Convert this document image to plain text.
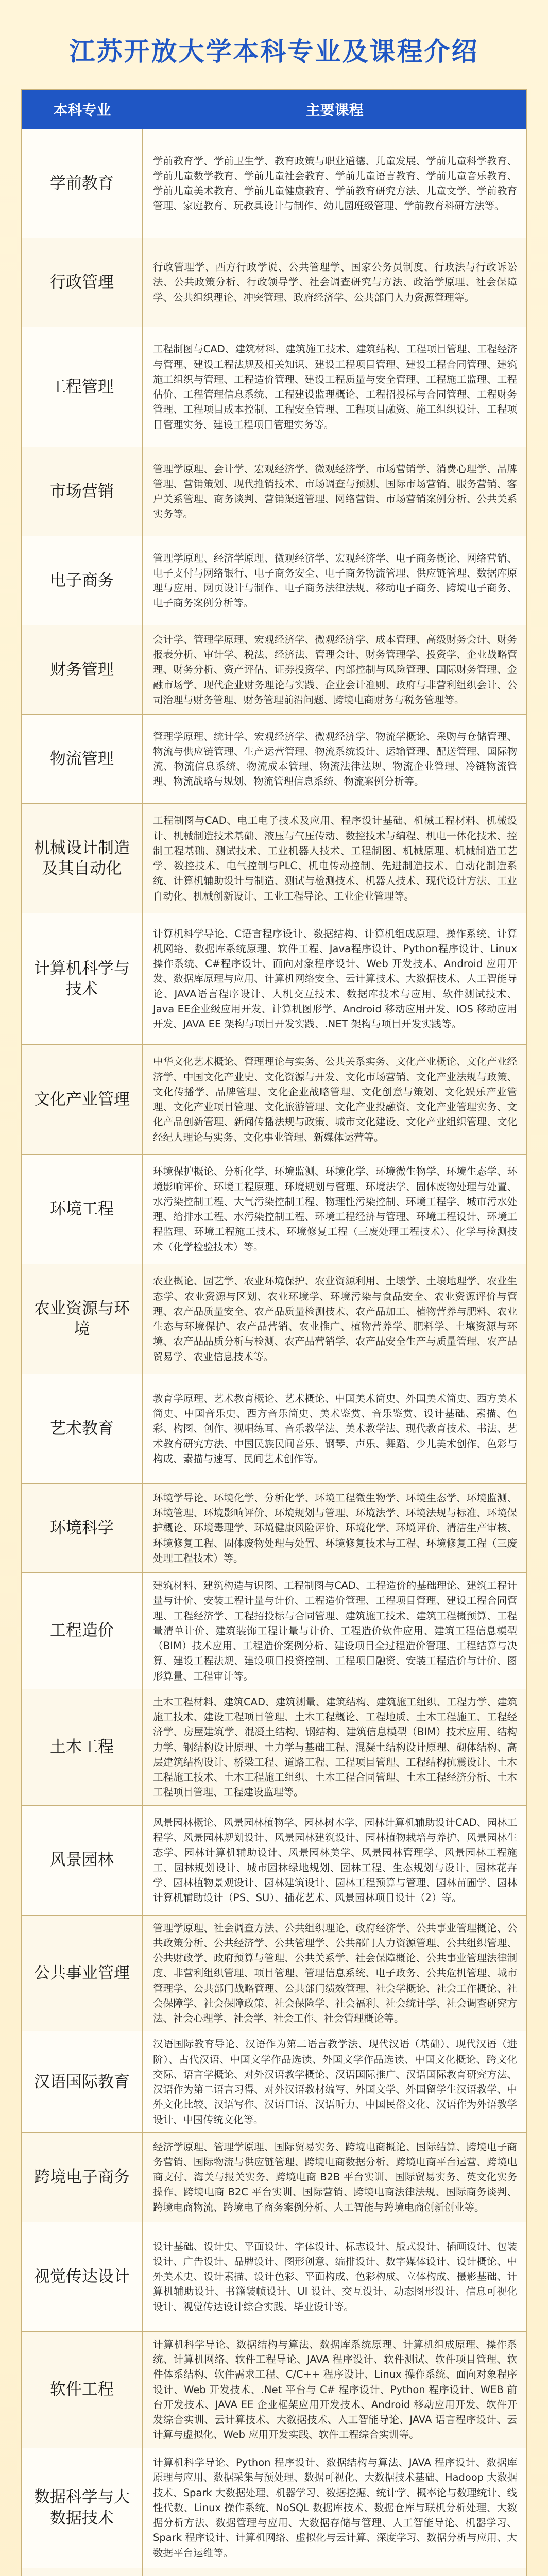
江苏开放大学本科专业及课程介绍
本科专业	主要课程
学前教育
学前教育学、学前卫生学、教育政策与职业道德、儿童发展、学前儿童科学教育、学前儿童数学教育、学前儿童社会教育、学前儿童语言教育、学前儿童音乐教育、学前儿童美术教育、学前儿童健康教育、学前教育研究方法、儿童文学、学前教育管理、家庭教育、玩教具设计与制作、幼儿园班级管理、学前教育科研方法等。
行政管理
行政管理学、西方行政学说、公共管理学、国家公务员制度、行政法与行政诉讼法、公共政策分析、行政领导学、社会调查研究与方法、政治学原理、社会保障学、公共组织理论、冲突管理、政府经济学、公共部门人力资源管理等。
工程管理
工程制图与CAD、建筑材料、建筑施工技术、建筑结构、工程项目管理、工程经济与管理、建设工程法规及相关知识、建设工程项目管理、建设工程合同管理、建筑施工组织与管理、工程造价管理、建设工程质量与安全管理、工程施工监理、工程估价、工程管理信息系统、工程建设监理概论、工程招投标与合同管理、工程财务管理、工程项目成本控制、工程安全管理、工程项目融资、施工组织设计、工程项目管理实务、建设工程项目管理实务等。
市场营销
管理学原理、会计学、宏观经济学、微观经济学、市场营销学、消费心理学、品牌管理、营销策划、现代推销技术、市场调查与预测、国际市场营销、服务营销、客户关系管理、商务谈判、营销渠道管理、网络营销、市场营销案例分析、公共关系实务等。
电子商务
管理学原理、经济学原理、微观经济学、宏观经济学、电子商务概论、网络营销、电子支付与网络银行、电子商务安全、电子商务物流管理、供应链管理、数据库原理与应用、网页设计与制作、电子商务法律法规、移动电子商务、跨境电子商务、电子商务案例分析等。
财务管理
会计学、管理学原理、宏观经济学、微观经济学、成本管理、高级财务会计、财务报表分析、审计学、税法、经济法、管理会计、财务管理学、投资学、企业战略管理、财务分析、资产评估、证券投资学、内部控制与风险管理、国际财务管理、金融市场学、现代企业财务理论与实践、企业会计准则、政府与非营利组织会计、公司治理与财务管理、财务管理前沿问题、跨境电商财务与税务管理等。
物流管理
管理学原理、统计学、宏观经济学、微观经济学、物流学概论、采购与仓储管理、物流与供应链管理、生产运营管理、物流系统设计、运输管理、配送管理、国际物流、物流信息系统、物流成本管理、物流法律法规、物流企业管理、冷链物流管理、物流战略与规划、物流管理信息系统、物流案例分析等。
机械设计制造及其自动化
工程制图与CAD、电工电子技术及应用、程序设计基础、机械工程材料、机械设计、机械制造技术基础、液压与气压传动、数控技术与编程、机电一体化技术、控制工程基础、测试技术、工业机器人技术、工程制图、机械原理、机械制造工艺学、数控技术、电气控制与PLC、机电传动控制、先进制造技术、自动化制造系统、计算机辅助设计与制造、测试与检测技术、机器人技术、现代设计方法、工业自动化、机械创新设计、工业工程导论、工业企业管理等。
计算机科学与技术
计算机科学导论、C语言程序设计、数据结构、计算机组成原理、操作系统、计算机网络、数据库系统原理、软件工程、Java程序设计、Python程序设计、Linux 操作系统、C#程序设计、面向对象程序设计、Web 开发技术、Android 应用开发、数据库原理与应用、计算机网络安全、云计算技术、大数据技术、人工智能导论、JAVA语言程序设计、人机交互技术、数据库技术与应用、软件测试技术、Java EE企业级应用开发、计算机图形学、Android 移动应用开发、IOS 移动应用开发、JAVA EE 架构与项目开发实践、.NET 架构与项目开发实践等。
文化产业管理
中华文化艺术概论、管理理论与实务、公共关系实务、文化产业概论、文化产业经济学、中国文化产业史、文化资源与开发、文化市场营销、文化产业法规与政策、文化传播学、品牌管理、文化企业战略管理、文化创意与策划、文化娱乐产业管理、文化产业项目管理、文化旅游管理、文化产业投融资、文化产业管理实务、文化产品创新管理、新闻传播法规与政策、城市文化建设、文化产业组织管理、文化经纪人理论与实务、文化事业管理、新媒体运营等。
环境工程
环境保护概论、分析化学、环境监测、环境化学、环境微生物学、环境生态学、环境影响评价、环境工程原理、环境规划与管理、环境法学、固体废物处理与处置、水污染控制工程、大气污染控制工程、物理性污染控制、环境工程学、城市污水处理、给排水工程、水污染控制工程、环境工程经济与管理、环境工程设计、环境工程监理、环境工程施工技术、环境修复工程（三废处理工程技术）、化学与检测技术（化学检验技术）等。
农业资源与环境
农业概论、园艺学、农业环境保护、农业资源利用、土壤学、土壤地理学、农业生态学、农业资源与区划、农业环境学、环境污染与食品安全、农业资源评价与管理、农产品质量安全、农产品质量检测技术、农产品加工、植物营养与肥料、农业生态与环境保护、农产品营销、农业推广、植物营养学、肥料学、土壤资源与环境、农产品品质分析与检测、农产品营销学、农产品安全生产与质量管理、农产品贸易学、农业信息技术等。
艺术教育
教育学原理、艺术教育概论、艺术概论、中国美术简史、外国美术简史、西方美术简史、中国音乐史、西方音乐简史、美术鉴赏、音乐鉴赏、设计基础、素描、色彩、构图、创作、视唱练耳、音乐教学法、美术教学法、现代教育技术、书法、艺术教育研究方法、中国民族民间音乐、钢琴、声乐、舞蹈、少儿美术创作、色彩与构成、素描与速写、民间艺术创作等。
环境科学
环境学导论、环境化学、分析化学、环境工程微生物学、环境生态学、环境监测、环境管理、环境影响评价、环境规划与管理、环境法学、环境法规与标准、环境保护概论、环境毒理学、环境健康风险评价、环境化学、环境评价、清洁生产审核、环境修复工程、固体废物处理与处置、环境修复技术与工程、环境修复工程（三废处理工程技术）等。
工程造价
建筑材料、建筑构造与识图、工程制图与CAD、工程造价的基础理论、建筑工程计量与计价、安装工程计量与计价、工程造价管理、工程项目管理、建设工程合同管理、工程经济学、工程招投标与合同管理、建筑施工技术、建筑工程概预算、工程量清单计价、建筑装饰工程计量与计价、工程造价软件应用、建筑工程信息模型（BIM）技术应用、工程造价案例分析、建设项目全过程造价管理、工程结算与决算、建设工程法规、建设项目投资控制、工程项目融资、安装工程造价与计价、图形算量、工程审计等。
土木工程
土木工程材料、建筑CAD、建筑测量、建筑结构、建筑施工组织、工程力学、建筑施工技术、建设工程项目管理、土木工程概论、工程地质、土木工程施工、工程经济学、房屋建筑学、混凝土结构、钢结构、建筑信息模型（BIM）技术应用、结构力学、钢结构设计原理、土力学与基础工程、混凝土结构设计原理、砌体结构、高层建筑结构设计、桥梁工程、道路工程、工程项目管理、工程结构抗震设计、土木工程施工技术、土木工程施工组织、土木工程合同管理、土木工程经济分析、土木工程项目管理、工程建设监理等。
风景园林
风景园林概论、风景园林植物学、园林树木学、园林计算机辅助设计CAD、园林工程学、风景园林规划设计、风景园林建筑设计、园林植物栽培与养护、风景园林生态学、园林计算机辅助设计、风景园林美学、风景园林管理学、风景园林工程施工、园林规划设计、城市园林绿地规划、园林工程、生态规划与设计、园林花卉学、园林植物景观设计、园林建筑设计、园林工程预算与管理、园林苗圃学、园林计算机辅助设计（PS、SU）、插花艺术、风景园林项目设计（2）等。
公共事业管理
管理学原理、社会调查方法、公共组织理论、政府经济学、公共事业管理概论、公共政策分析、公共经济学、公共管理学、公共部门人力资源管理、公共组织管理、公共财政学、政府预算与管理、公共关系学、社会保障概论、公共事业管理法律制度、非营利组织管理、项目管理、管理信息系统、电子政务、公共危机管理、城市管理学、公共部门战略管理、公共部门绩效管理、社会学概论、社会工作概论、社会保障学、社会保障政策、社会保险学、社会福利、社会统计学、社会调查研究方法、社会心理学、社会学、社会工作、社会管理概论等。
汉语国际教育
汉语国际教育导论、汉语作为第二语言教学法、现代汉语（基础）、现代汉语（进阶）、古代汉语、中国文学作品选读、外国文学作品选读、中国文化概论、跨文化交际、语言学概论、对外汉语教学概论、汉语国际推广、汉语国际教育研究方法、汉语作为第二语言习得、对外汉语教材编写、外国文学、外国留学生汉语教学、中外文化比较、汉语写作、汉语口语、汉语听力、中国民俗文化、汉语作为外语教学设计、中国传统文化等。
跨境电子商务
经济学原理、管理学原理、国际贸易实务、跨境电商概论、国际结算、跨境电子商务营销、国际物流与供应链管理、跨境电商数据分析、跨境电商平台运营、跨境电商支付、海关与报关实务、跨境电商 B2B 平台实训、国际贸易实务、英文化实务操作、跨境电商 B2C 平台实训、国际营销、跨境电商法律法规、国际商务谈判、跨境电商物流、跨境电子商务案例分析、人工智能与跨境电商创新创业等。
视觉传达设计
设计基础、设计史、平面设计、字体设计、标志设计、版式设计、插画设计、包装设计、广告设计、品牌设计、图形创意、编排设计、数字媒体设计、设计概论、中外美术史、设计素描、设计色彩、平面构成、色彩构成、立体构成、摄影基础、计算机辅助设计、书籍装帧设计、UI 设计、交互设计、动态图形设计、信息可视化设计、视觉传达设计综合实践、毕业设计等。
软件工程
计算机科学导论、数据结构与算法、数据库系统原理、计算机组成原理、操作系统、计算机网络、软件工程导论、JAVA 程序设计、软件测试、软件项目管理、软件体系结构、软件需求工程、C/C++ 程序设计、Linux 操作系统、面向对象程序设计、Web 开发技术、.Net 平台与 C# 程序设计、Python 程序设计、WEB 前台开发技术、JAVA EE 企业框架应用开发技术、Android 移动应用开发、软件开发综合实训、云计算技术、大数据技术、人工智能导论、JAVA 语言程序设计、云计算与虚拟化、Web 应用开发实践、软件工程综合实训等。
数据科学与大数据技术
计算机科学导论、Python 程序设计、数据结构与算法、JAVA 程序设计、数据库原理与应用、数据采集与预处理、数据可视化、大数据技术基础、Hadoop 大数据技术、Spark 大数据处理、机器学习、数据挖掘、统计学、概率论与数理统计、线性代数、Linux 操作系统、NoSQL 数据库技术、数据仓库与联机分析处理、大数据分析方法、数据管理与应用、大数据存储与管理、人工智能导论、机器学习、Spark 程序设计、计算机网络、虚拟化与云计算、深度学习、数据分析与应用、大数据平台运维等。
